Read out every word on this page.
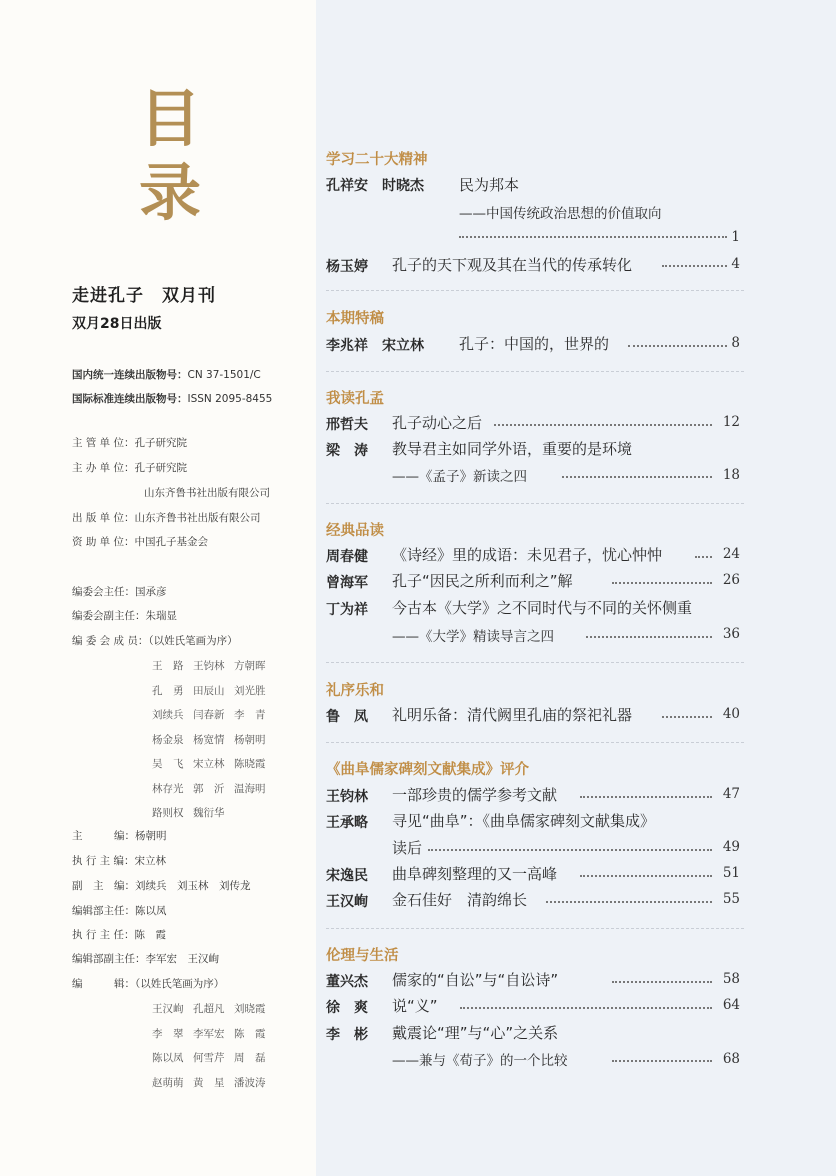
目
录
走进孔子　双月刊
双月28日出版
国内统一连续出版物号：CN 37-1501/C
国际标准连续出版物号：ISSN 2095-8455
主 管 单 位：孔子研究院
主 办 单 位：孔子研究院
山东齐鲁书社出版有限公司
出 版 单 位：山东齐鲁书社出版有限公司
资 助 单 位：中国孔子基金会
编委会主任：国承彦
编委会副主任：朱瑞显
编 委 会 成 员：（以姓氏笔画为序）
王　路 王钧林 方朝晖
孔　勇 田辰山 刘光胜
刘续兵 闫春新 李　青
杨金泉 杨宽情 杨朝明
吴　飞 宋立林 陈晓霞
林存光 郭　沂 温海明
路则权 魏衍华
主　　　编：杨朝明
执 行 主 编：宋立林
副　主　编：刘续兵　刘玉林　刘传龙
编辑部主任：陈以凤
执 行 主 任：陈　霞
编辑部副主任：李军宏　王汉峋
编　　　辑：（以姓氏笔画为序）
王汉峋 孔超凡 刘晓霞
李　翠 李军宏 陈　霞
陈以凤 何雪芹 周　磊
赵萌萌 黄　星 潘波涛
学习二十大精神
本期特稿
我读孔孟
经典品读
礼序乐和
《曲阜儒家碑刻文献集成》评介
伦理与生活
孔祥安　时晓杰 民为邦本
——中国传统政治思想的价值取向
1
杨玉婷 孔子的天下观及其在当代的传承转化	4
李兆祥　宋立林 孔子：中国的，世界的	8
邢哲夫 孔子动心之后	12
梁　涛 教导君主如同学外语，重要的是环境
——《孟子》新读之四	18
周春健 《诗经》里的成语：未见君子，忧心忡忡	24
曾海军 孔子“因民之所利而利之”解	26
丁为祥 今古本《大学》之不同时代与不同的关怀侧重
——《大学》精读导言之四	36
鲁　凤 礼明乐备：清代阙里孔庙的祭祀礼器	40
王钧林 一部珍贵的儒学参考文献	47
王承略 寻见“曲阜”：《曲阜儒家碑刻文献集成》
读后	49
宋逸民 曲阜碑刻整理的又一高峰	51
王汉峋 金石佳好　清韵绵长	55
董兴杰 儒家的“自讼”与“自讼诗”	58
徐　爽 说“义”	64
李　彬 戴震论“理”与“心”之关系
——兼与《荀子》的一个比较	68
